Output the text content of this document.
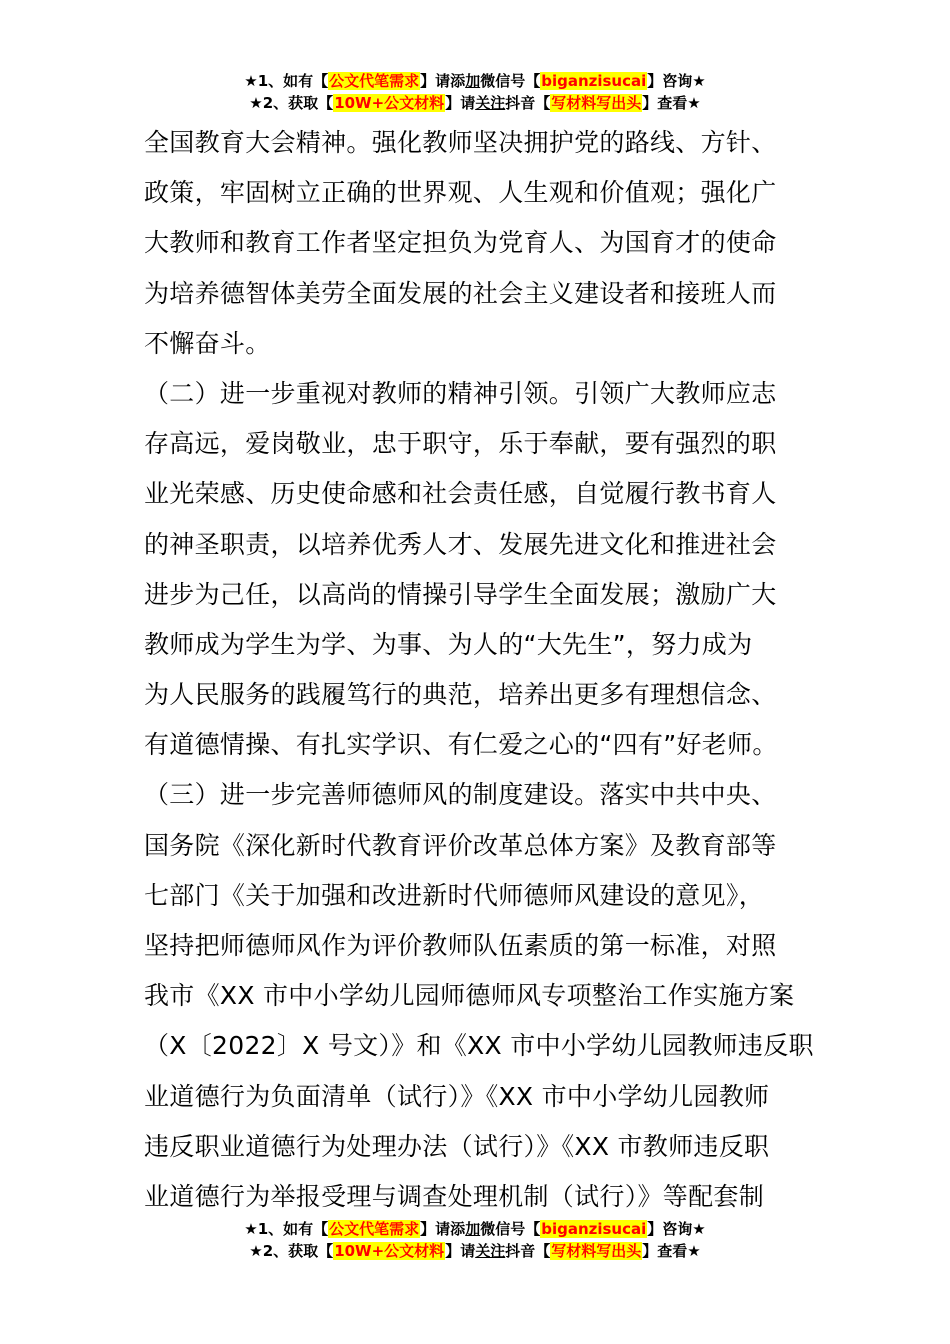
★1、如有【公文代笔需求】请添加微信号【biganzisucai】咨询★
★2、获取【10W+公文材料】请关注抖音【写材料写出头】查看★
全国教育大会精神。强化教师坚决拥护党的路线、方针、
政策，牢固树立正确的世界观、人生观和价值观；强化广
大教师和教育工作者坚定担负为党育人、为国育才的使命
为培养德智体美劳全面发展的社会主义建设者和接班人而
不懈奋斗。
（二）进一步重视对教师的精神引领。引领广大教师应志
存高远，爱岗敬业，忠于职守，乐于奉献，要有强烈的职
业光荣感、历史使命感和社会责任感，自觉履行教书育人
的神圣职责，以培养优秀人才、发展先进文化和推进社会
进步为己任，以高尚的情操引导学生全面发展；激励广大
教师成为学生为学、为事、为人的“大先生”，努力成为
为人民服务的践履笃行的典范，培养出更多有理想信念、
有道德情操、有扎实学识、有仁爱之心的“四有”好老师。
（三）进一步完善师德师风的制度建设。落实中共中央、
国务院《深化新时代教育评价改革总体方案》及教育部等
七部门《关于加强和改进新时代师德师风建设的意见》，
坚持把师德师风作为评价教师队伍素质的第一标准，对照
我市《XX 市中小学幼儿园师德师风专项整治工作实施方案
（X〔2022〕X 号文）》和《XX 市中小学幼儿园教师违反职
业道德行为负面清单（试行）》《XX 市中小学幼儿园教师
违反职业道德行为处理办法（试行）》《XX 市教师违反职
业道德行为举报受理与调查处理机制（试行）》等配套制
★1、如有【公文代笔需求】请添加微信号【biganzisucai】咨询★
★2、获取【10W+公文材料】请关注抖音【写材料写出头】查看★
